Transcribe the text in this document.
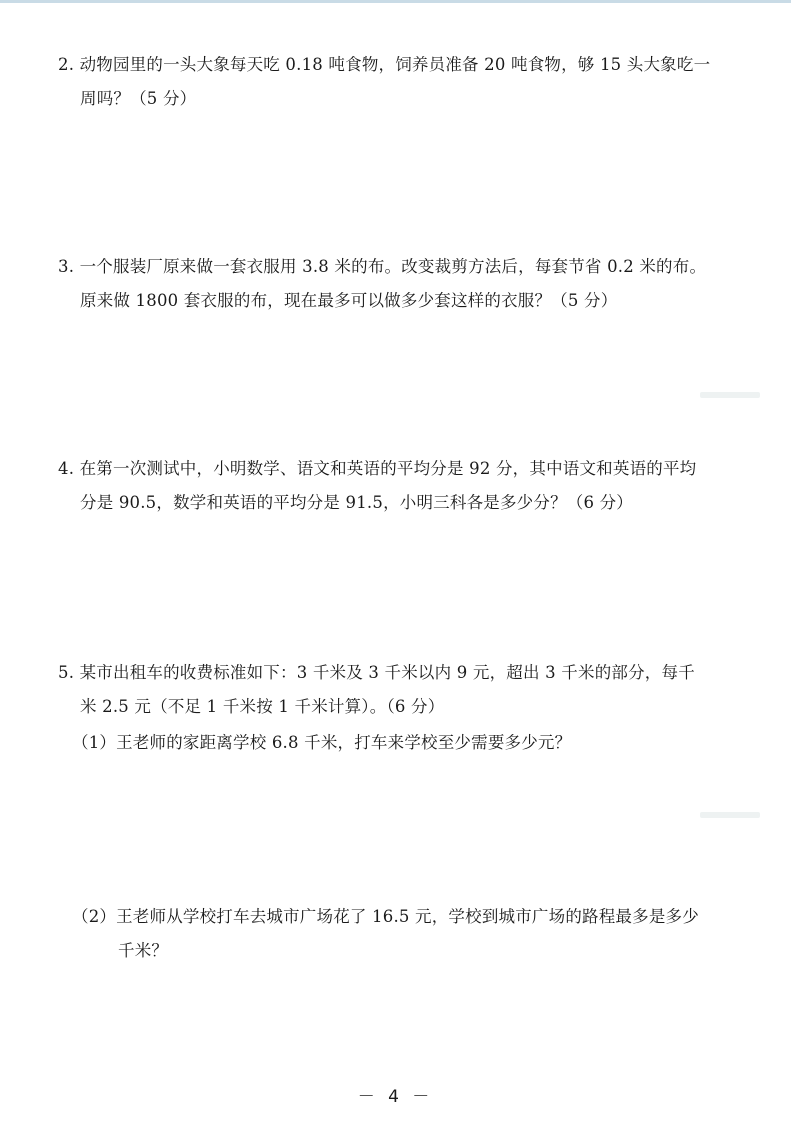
2. 动物园里的一头大象每天吃 0.18 吨食物，饲养员准备 20 吨食物，够 15 头大象吃一
周吗？（5 分）
3. 一个服装厂原来做一套衣服用 3.8 米的布。改变裁剪方法后，每套节省 0.2 米的布。
原来做 1800 套衣服的布，现在最多可以做多少套这样的衣服？（5 分）
4. 在第一次测试中，小明数学、语文和英语的平均分是 92 分，其中语文和英语的平均
分是 90.5，数学和英语的平均分是 91.5，小明三科各是多少分？（6 分）
5. 某市出租车的收费标准如下：3 千米及 3 千米以内 9 元，超出 3 千米的部分，每千
米 2.5 元（不足 1 千米按 1 千米计算）。（6 分）
（1）王老师的家距离学校 6.8 千米，打车来学校至少需要多少元？
（2）王老师从学校打车去城市广场花了 16.5 元，学校到城市广场的路程最多是多少
千米？
－ 4 －
